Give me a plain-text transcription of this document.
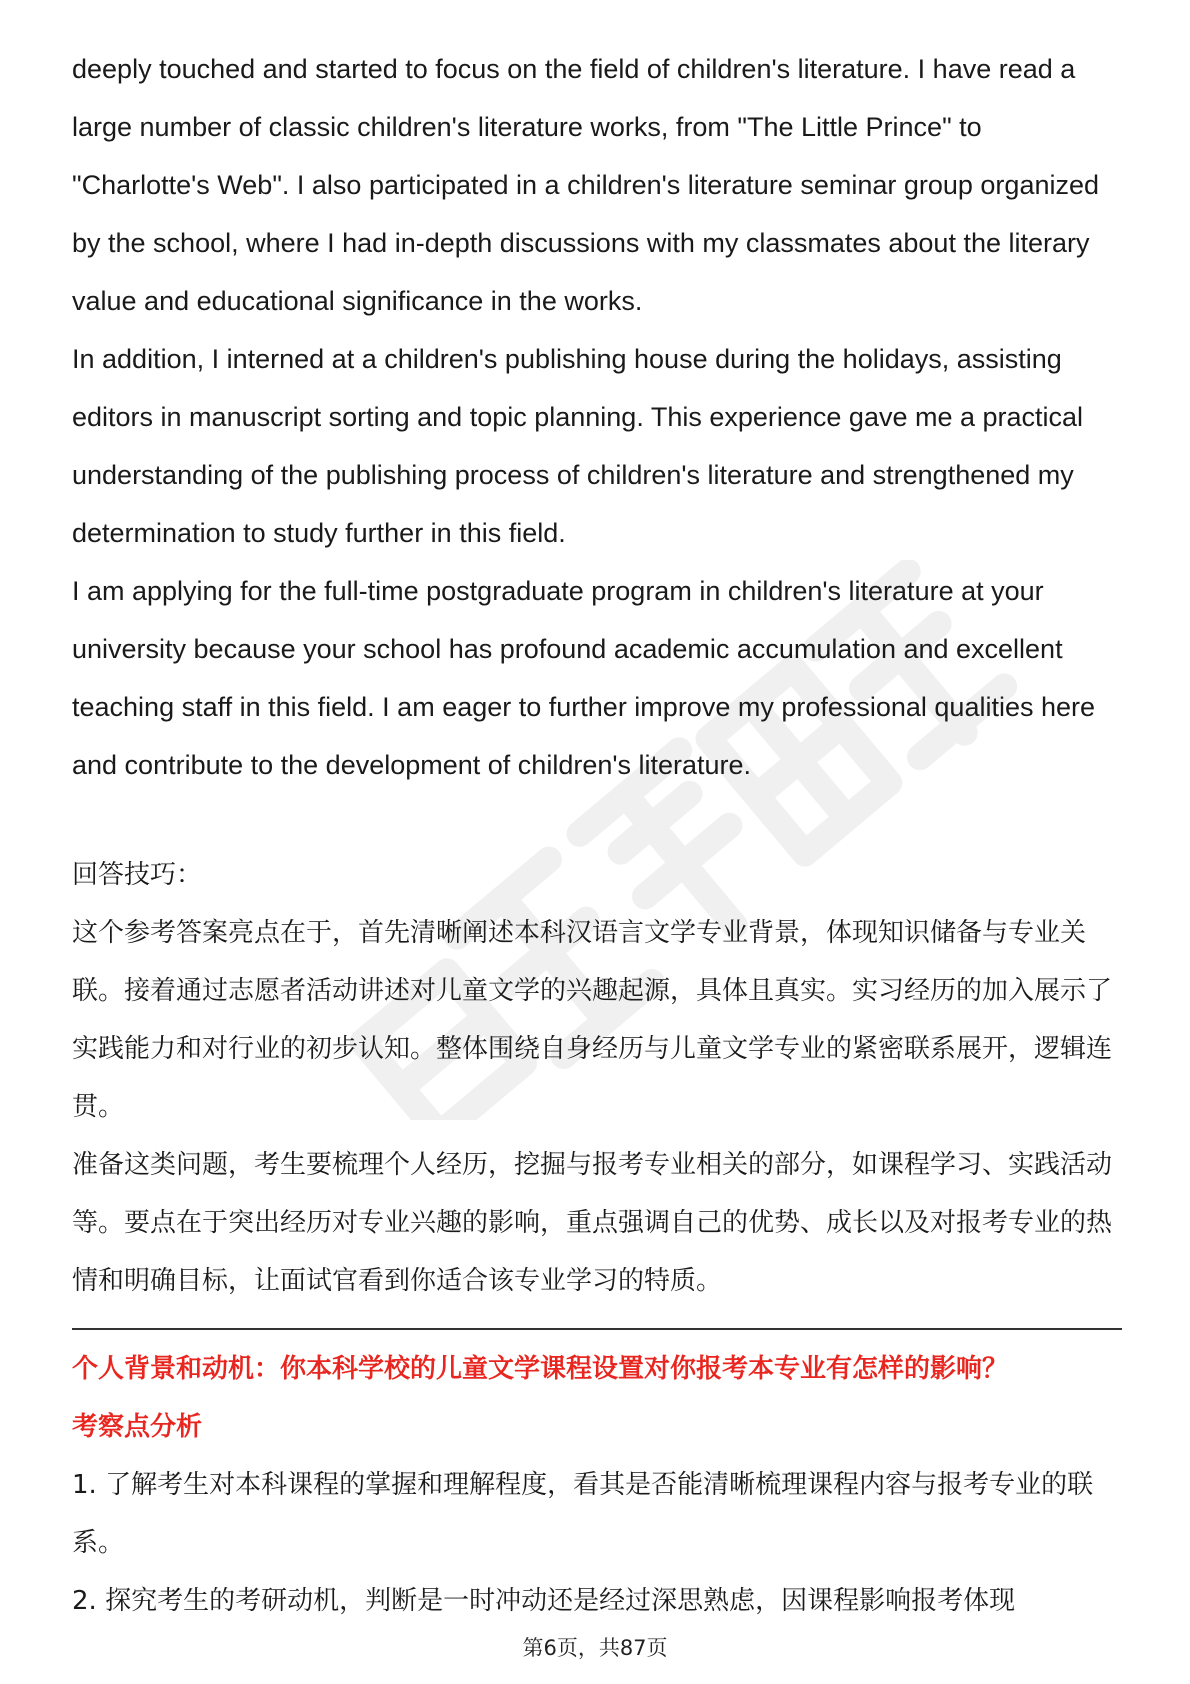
deeply touched and started to focus on the field of children's literature. I have read a large number of classic children's literature works, from "The Little Prince" to "Charlotte's Web". I also participated in a children's literature seminar group organized by the school, where I had in-depth discussions with my classmates about the literary value and educational significance in the works.

In addition, I interned at a children's publishing house during the holidays, assisting editors in manuscript sorting and topic planning. This experience gave me a practical understanding of the publishing process of children's literature and strengthened my determination to study further in this field.

I am applying for the full-time postgraduate program in children's literature at your university because your school has profound academic accumulation and excellent teaching staff in this field. I am eager to further improve my professional qualities here and contribute to the development of children's literature.

回答技巧：

这个参考答案亮点在于，首先清晰阐述本科汉语言文学专业背景，体现知识储备与专业关联。接着通过志愿者活动讲述对儿童文学的兴趣起源，具体且真实。实习经历的加入展示了实践能力和对行业的初步认知。整体围绕自身经历与儿童文学专业的紧密联系展开，逻辑连贯。

准备这类问题，考生要梳理个人经历，挖掘与报考专业相关的部分，如课程学习、实践活动等。要点在于突出经历对专业兴趣的影响，重点强调自己的优势、成长以及对报考专业的热情和明确目标，让面试官看到你适合该专业学习的特质。

个人背景和动机：你本科学校的儿童文学课程设置对你报考本专业有怎样的影响？

考察点分析

1. 了解考生对本科课程的掌握和理解程度，看其是否能清晰梳理课程内容与报考专业的联系。

2. 探究考生的考研动机，判断是一时冲动还是经过深思熟虑，因课程影响报考体现

第6页，共87页
